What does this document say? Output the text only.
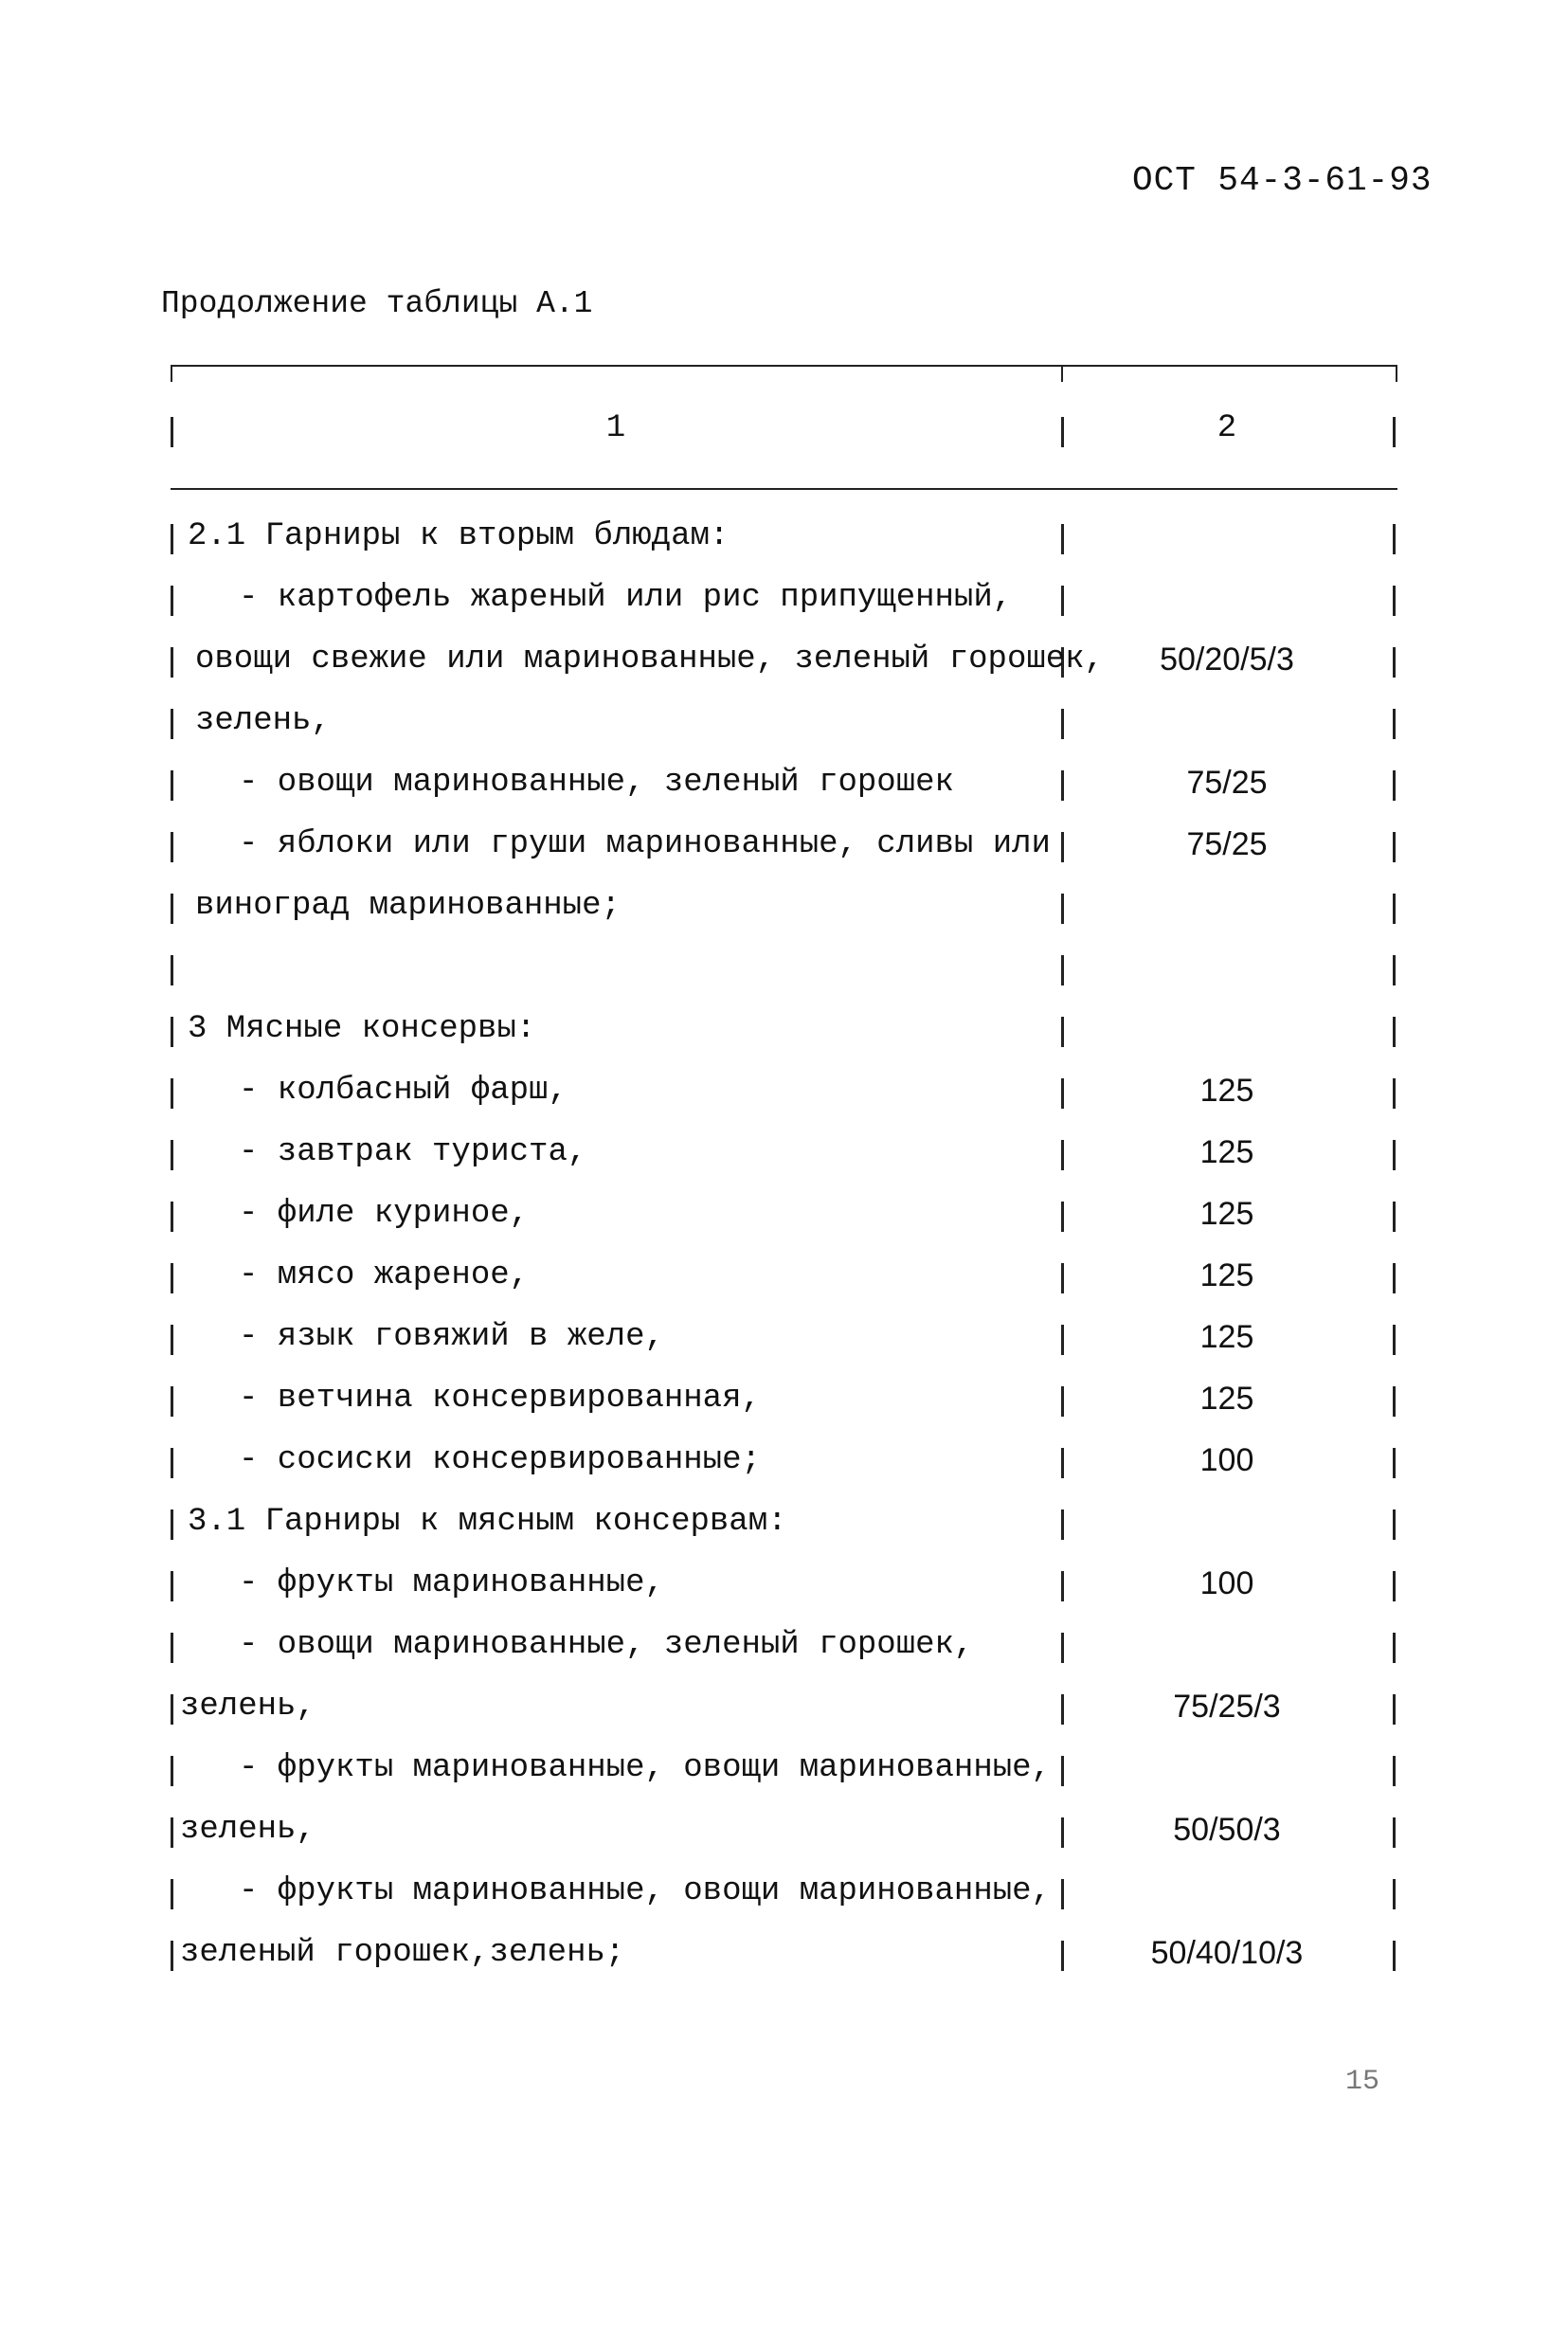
ОСТ 54-3-61-93
Продолжение таблицы А.1
1	2
2.1 Гарниры к вторым блюдам:
- картофель жареный или рис припущенный,
овощи свежие или маринованные, зеленый горошек,	50/20/5/3
зелень,
- овощи маринованные, зеленый горошек	75/25
- яблоки или груши маринованные, сливы или	75/25
виноград маринованные;
3 Мясные консервы:
- колбасный фарш,	125
- завтрак туриста,	125
- филе куриное,	125
- мясо жареное,	125
- язык говяжий в желе,	125
- ветчина консервированная,	125
- сосиски консервированные;	100
3.1 Гарниры к мясным консервам:
- фрукты маринованные,	100
- овощи маринованные, зеленый горошек,
зелень,	75/25/3
- фрукты маринованные, овощи маринованные,
зелень,	50/50/3
- фрукты маринованные, овощи маринованные,
зеленый горошек,зелень;	50/40/10/3
15
